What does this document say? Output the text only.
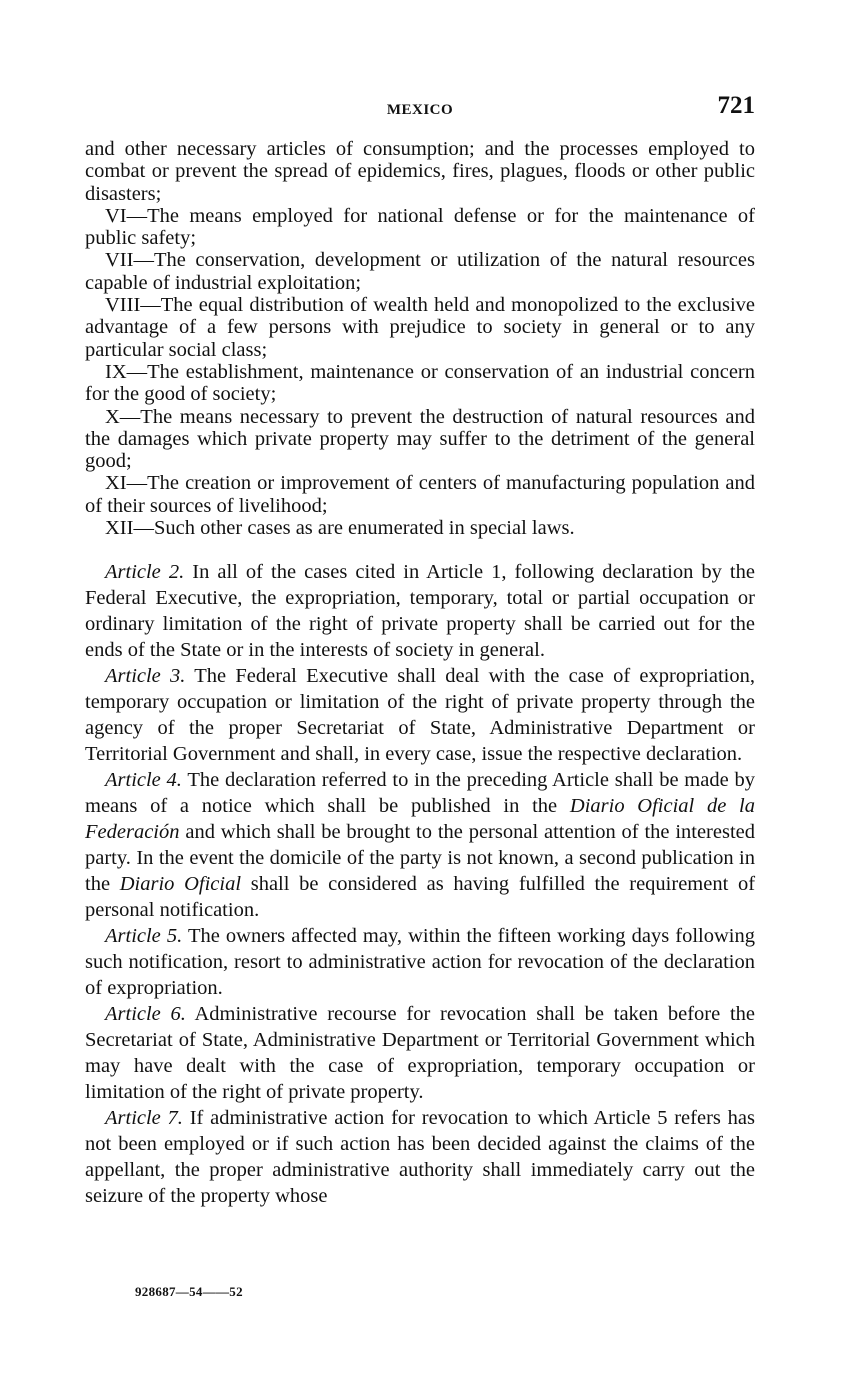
MEXICO	721

and other necessary articles of consumption; and the processes employed to combat or prevent the spread of epidemics, fires, plagues, floods or other public disasters;

VI—The means employed for national defense or for the maintenance of public safety;

VII—The conservation, development or utilization of the natural resources capable of industrial exploitation;

VIII—The equal distribution of wealth held and monopolized to the exclusive advantage of a few persons with prejudice to society in general or to any particular social class;

IX—The establishment, maintenance or conservation of an industrial concern for the good of society;

X—The means necessary to prevent the destruction of natural resources and the damages which private property may suffer to the detriment of the general good;

XI—The creation or improvement of centers of manufacturing population and of their sources of livelihood;

XII—Such other cases as are enumerated in special laws.

Article 2. In all of the cases cited in Article 1, following declaration by the Federal Executive, the expropriation, temporary, total or partial occupation or ordinary limitation of the right of private property shall be carried out for the ends of the State or in the interests of society in general.

Article 3. The Federal Executive shall deal with the case of expropriation, temporary occupation or limitation of the right of private property through the agency of the proper Secretariat of State, Administrative Department or Territorial Government and shall, in every case, issue the respective declaration.

Article 4. The declaration referred to in the preceding Article shall be made by means of a notice which shall be published in the Diario Oficial de la Federación and which shall be brought to the personal attention of the interested party. In the event the domicile of the party is not known, a second publication in the Diario Oficial shall be considered as having fulfilled the requirement of personal notification.

Article 5. The owners affected may, within the fifteen working days following such notification, resort to administrative action for revocation of the declaration of expropriation.

Article 6. Administrative recourse for revocation shall be taken before the Secretariat of State, Administrative Department or Territorial Government which may have dealt with the case of expropriation, temporary occupation or limitation of the right of private property.

Article 7. If administrative action for revocation to which Article 5 refers has not been employed or if such action has been decided against the claims of the appellant, the proper administrative authority shall immediately carry out the seizure of the property whose

928687—54——52
